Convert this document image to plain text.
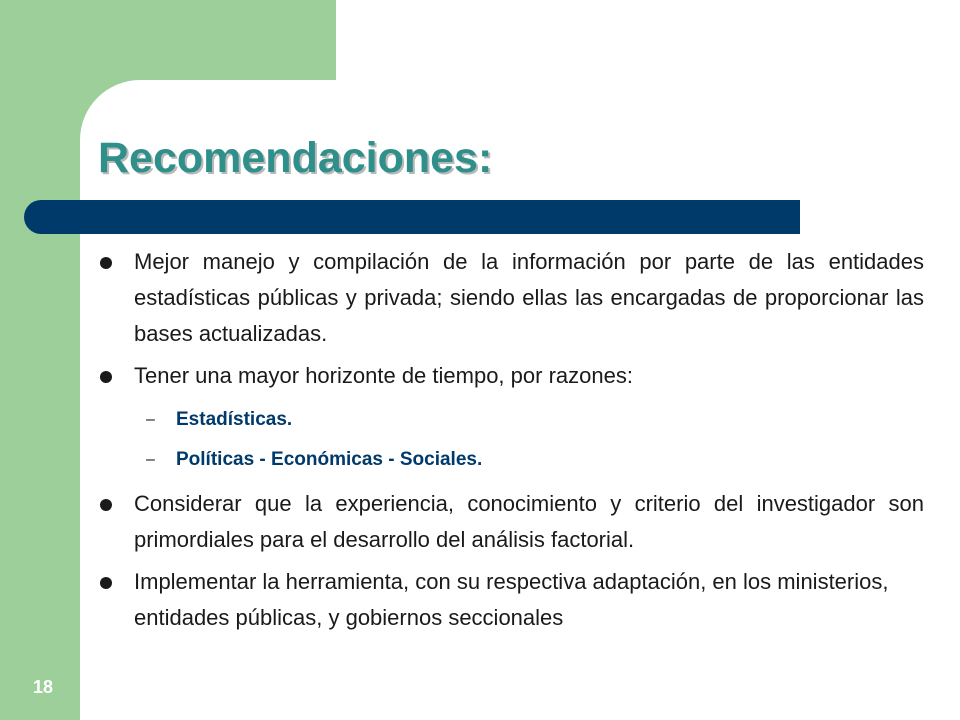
Recomendaciones:
Mejor manejo y compilación de la información por parte de las entidades estadísticas públicas y privada; siendo ellas las encargadas de proporcionar las bases actualizadas.
Tener una mayor horizonte de tiempo, por razones:
– Estadísticas.
– Políticas - Económicas - Sociales.
Considerar que la experiencia, conocimiento y criterio del investigador son primordiales para el desarrollo del análisis factorial.
Implementar la herramienta, con su respectiva adaptación, en los ministerios, entidades públicas, y gobiernos seccionales
18
